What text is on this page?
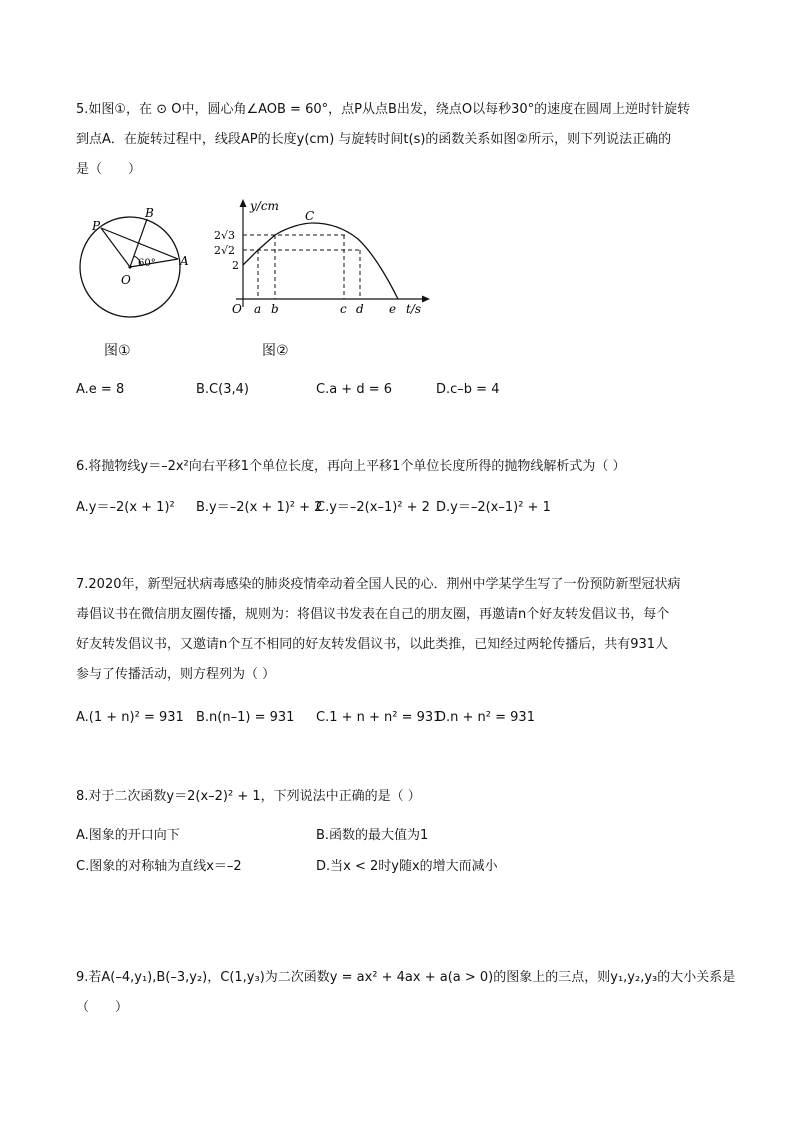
5.如图①，在 ⊙ O中，圆心角∠AOB = 60°，点P从点B出发，绕点O以每秒30°的速度在圆周上逆时针旋转
到点A．在旋转过程中，线段AP的长度y(cm) 与旋转时间t(s)的函数关系如图②所示，则下列说法正确的
是（　　）
P
B
A
O
60°
图①
y/cm
C
2√3
2√2
2
O a b	c d e t/s
图②
A.e = 8	B.C(3,4)	C.a + d = 6	D.c–b = 4
6.将抛物线y＝–2x²向右平移1个单位长度，再向上平移1个单位长度所得的抛物线解析式为（ ）
A.y＝–2(x + 1)² B.y＝–2(x + 1)² + 2
C.y＝–2(x–1)² + 2 D.y＝–2(x–1)² + 1
7.2020年，新型冠状病毒感染的肺炎疫情牵动着全国人民的心．荆州中学某学生写了一份预防新型冠状病
毒倡议书在微信朋友圈传播，规则为：将倡议书发表在自己的朋友圈，再邀请n个好友转发倡议书，每个
好友转发倡议书，又邀请n个互不相同的好友转发倡议书，以此类推，已知经过两轮传播后，共有931人
参与了传播活动，则方程列为（ ）
A.(1 + n)² = 931 B.n(n–1) = 931 C.1 + n + n² = 931
D.n + n² = 931
8.对于二次函数y＝2(x–2)² + 1，下列说法中正确的是（ ）
A.图象的开口向下	B.函数的最大值为1
C.图象的对称轴为直线x＝–2	D.当x < 2时y随x的增大而减小
9.若A(–4,y₁),B(–3,y₂)，C(1,y₃)为二次函数y = ax² + 4ax + a(a > 0)的图象上的三点，则y₁,y₂,y₃的大小关系是
（　　）
